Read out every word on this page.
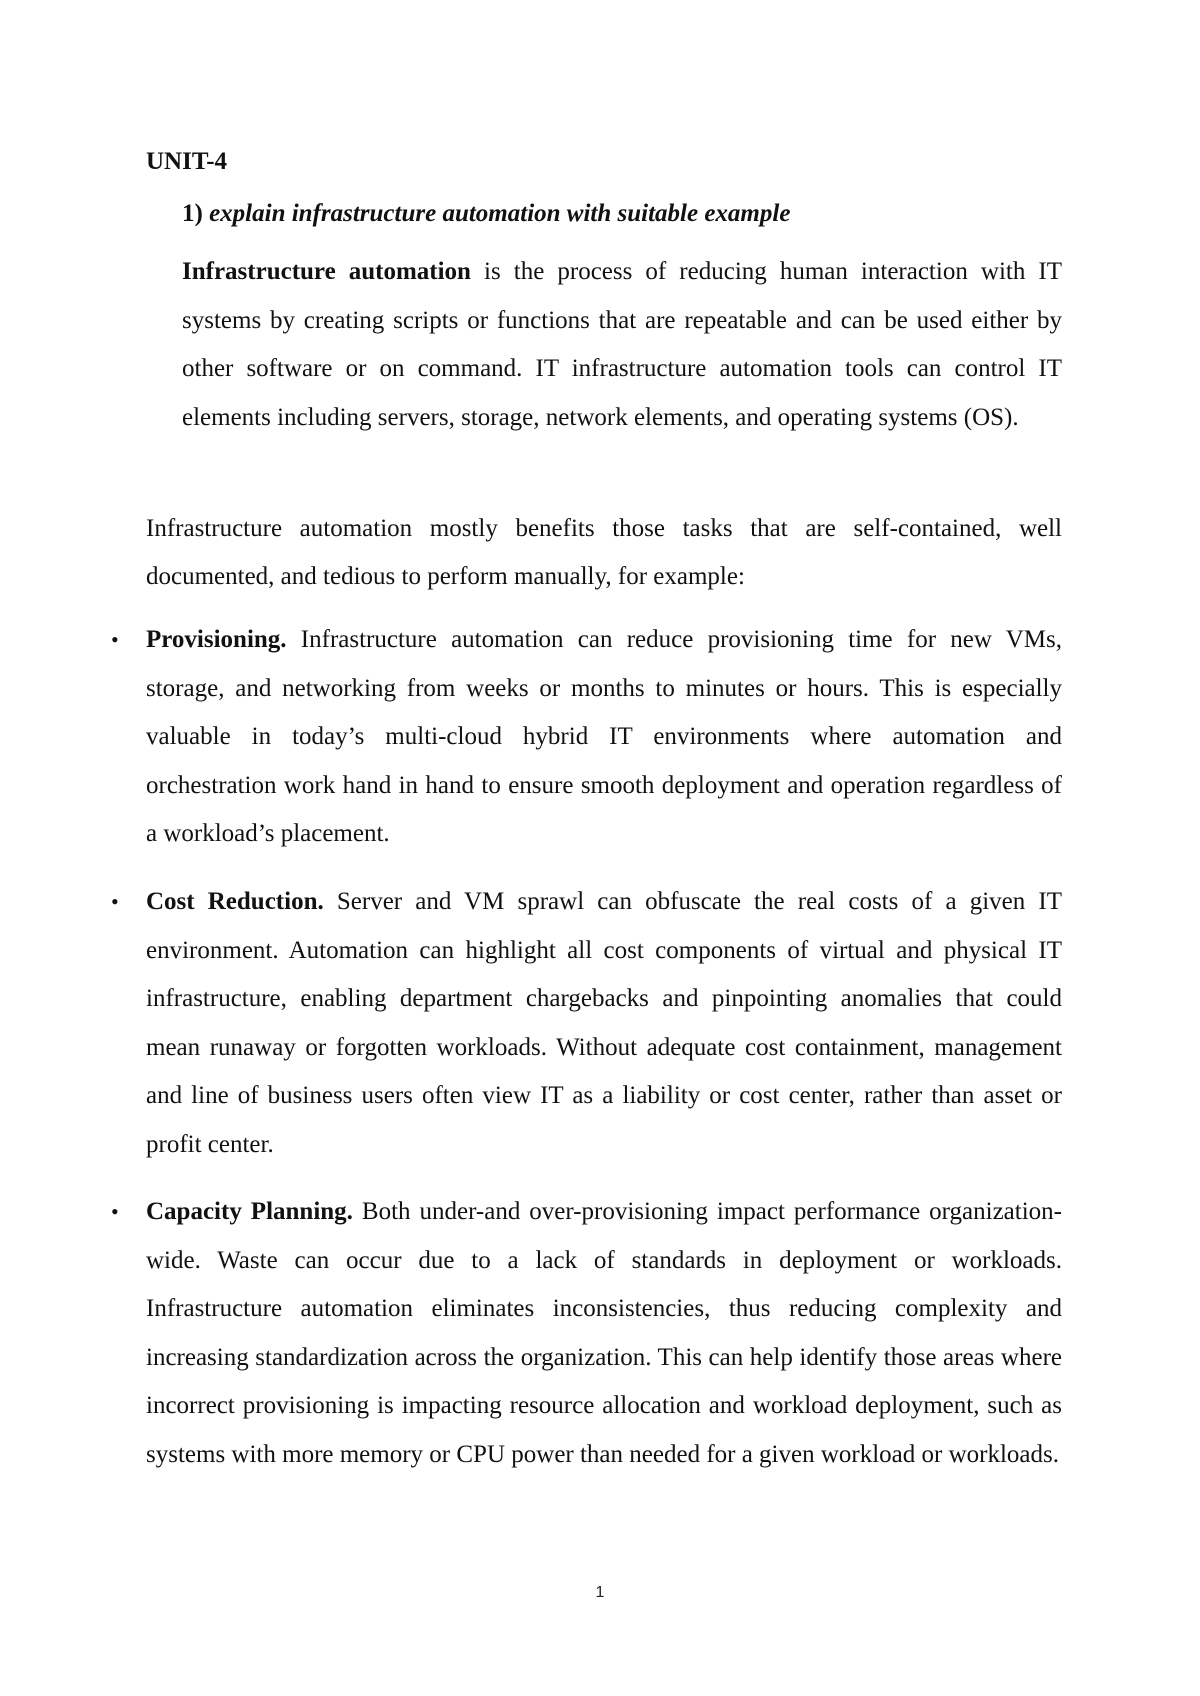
UNIT-4
1) explain infrastructure automation with suitable example

Infrastructure automation is the process of reducing human interaction with IT systems by creating scripts or functions that are repeatable and can be used either by other software or on command. IT infrastructure automation tools can control IT elements including servers, storage, network elements, and operating systems (OS).

Infrastructure automation mostly benefits those tasks that are self-contained, well documented, and tedious to perform manually, for example:

• Provisioning. Infrastructure automation can reduce provisioning time for new VMs, storage, and networking from weeks or months to minutes or hours. This is especially valuable in today’s multi-cloud hybrid IT environments where automation and orchestration work hand in hand to ensure smooth deployment and operation regardless of a workload’s placement.
• Cost Reduction. Server and VM sprawl can obfuscate the real costs of a given IT environment. Automation can highlight all cost components of virtual and physical IT infrastructure, enabling department chargebacks and pinpointing anomalies that could mean runaway or forgotten workloads. Without adequate cost containment, management and line of business users often view IT as a liability or cost center, rather than asset or profit center.
• Capacity Planning. Both under-and over-provisioning impact performance organization-wide. Waste can occur due to a lack of standards in deployment or workloads. Infrastructure automation eliminates inconsistencies, thus reducing complexity and increasing standardization across the organization. This can help identify those areas where incorrect provisioning is impacting resource allocation and workload deployment, such as systems with more memory or CPU power than needed for a given workload or workloads.
1
